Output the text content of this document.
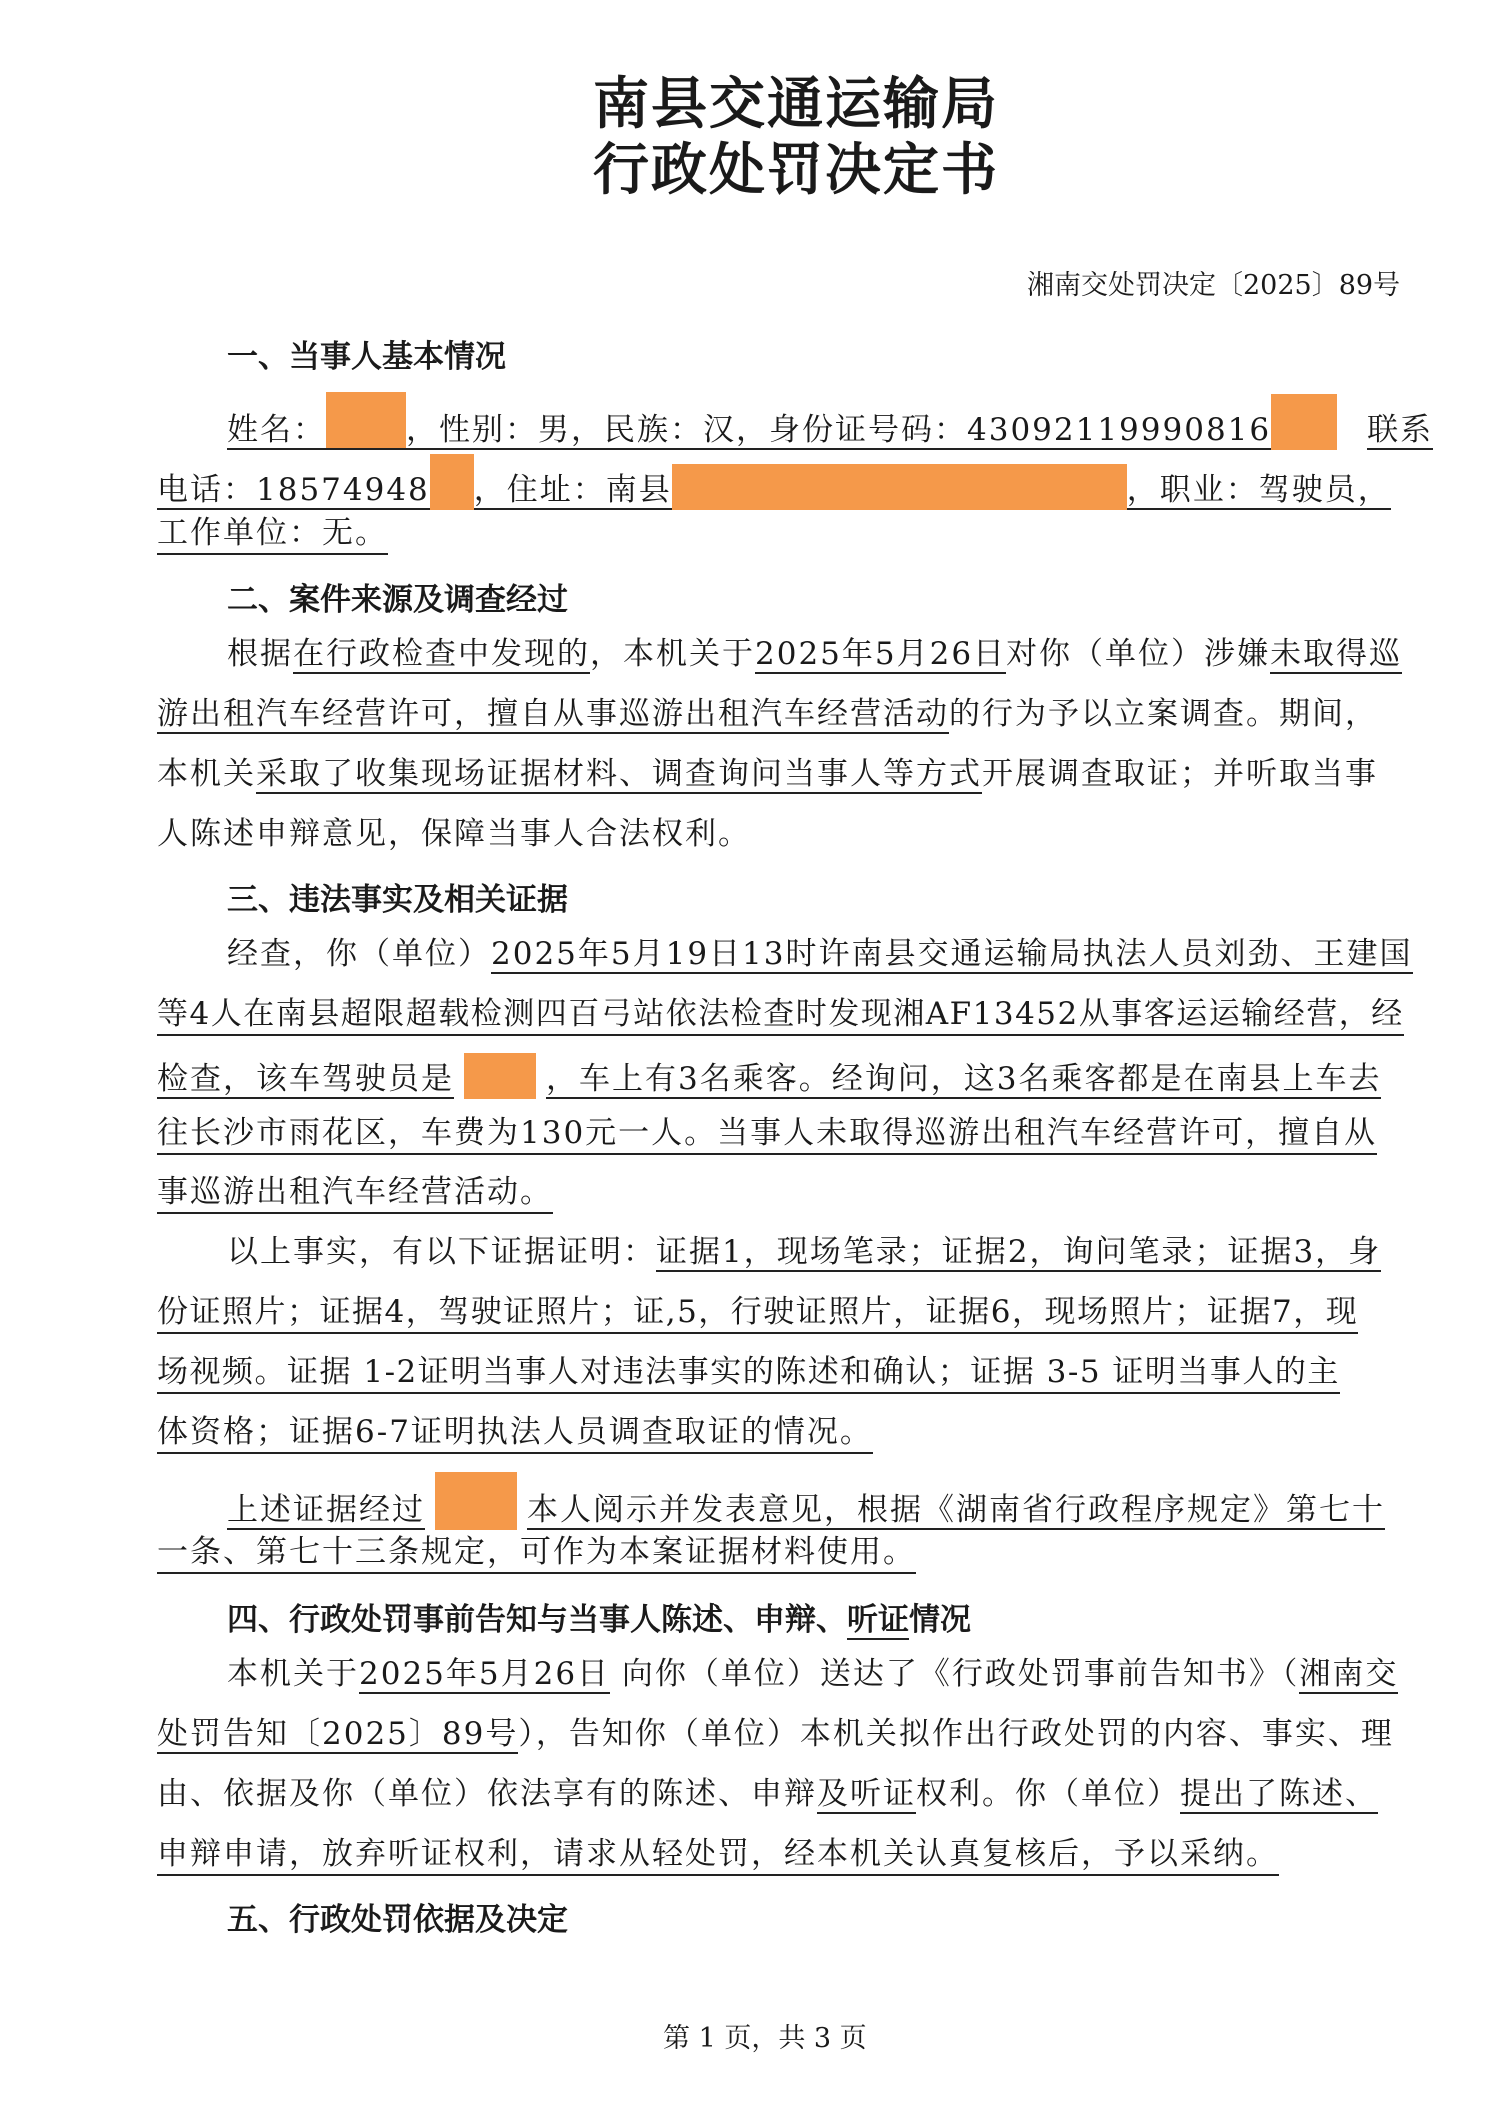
南县交通运输局
行政处罚决定书
湘南交处罚决定〔2025〕89号
一、当事人基本情况
姓名：	，性别：男，民族：汉，身份证号码：43092119990816	联系
电话：18574948 ，住址：南县	，职业：驾驶员，
工作单位：无。
二、案件来源及调查经过
根据在行政检查中发现的，本机关于2025年5月26日对你（单位）涉嫌未取得巡
游出租汽车经营许可，擅自从事巡游出租汽车经营活动的行为予以立案调查。期间，
本机关采取了收集现场证据材料、调查询问当事人等方式开展调查取证；并听取当事
人陈述申辩意见，保障当事人合法权利。
三、违法事实及相关证据
经查，你（单位）2025年5月19日13时许南县交通运输局执法人员刘劲、王建国
等4人在南县超限超载检测四百弓站依法检查时发现湘AF13452从事客运运输经营，经
检查，该车驾驶员是	，车上有3名乘客。经询问，这3名乘客都是在南县上车去
往长沙市雨花区，车费为130元一人。当事人未取得巡游出租汽车经营许可，擅自从
事巡游出租汽车经营活动。
以上事实，有以下证据证明：证据1，现场笔录；证据2，询问笔录；证据3，身
份证照片；证据4，驾驶证照片；证,5，行驶证照片，证据6，现场照片；证据7，现
场视频。证据 1-2证明当事人对违法事实的陈述和确认；证据 3-5 证明当事人的主
体资格；证据6-7证明执法人员调查取证的情况。
上述证据经过	本人阅示并发表意见，根据《湖南省行政程序规定》第七十
一条、第七十三条规定，可作为本案证据材料使用。
四、行政处罚事前告知与当事人陈述、申辩、听证情况
本机关于2025年5月26日 向你（单位）送达了《行政处罚事前告知书》（湘南交
处罚告知〔2025〕89号），告知你（单位）本机关拟作出行政处罚的内容、事实、理
由、依据及你（单位）依法享有的陈述、申辩及听证权利。你（单位）提出了陈述、
申辩申请，放弃听证权利，请求从轻处罚，经本机关认真复核后，予以采纳。
五、行政处罚依据及决定
第 1 页，共 3 页
